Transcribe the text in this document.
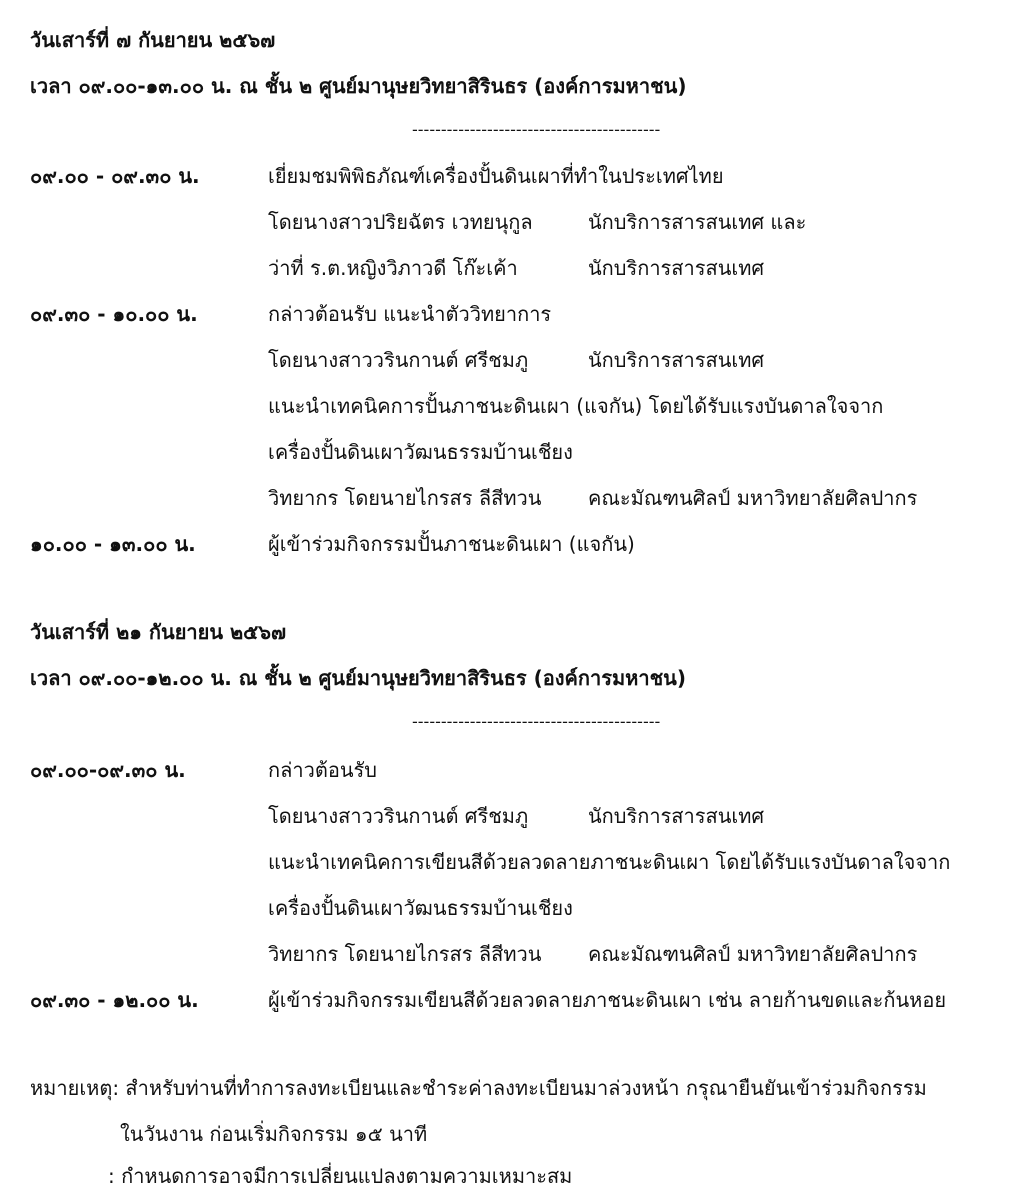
วันเสาร์ที่ ๗ กันยายน ๒๕๖๗
เวลา ๐๙.๐๐-๑๓.๐๐ น. ณ ชั้น ๒ ศูนย์มานุษยวิทยาสิรินธร (องค์การมหาชน)
-------------------------------------------
๐๙.๐๐ - ๐๙.๓๐ น.	เยี่ยมชมพิพิธภัณฑ์เครื่องปั้นดินเผาที่ทำในประเทศไทย
โดยนางสาวปริยฉัตร เวทยนุกูล	นักบริการสารสนเทศ และ
ว่าที่ ร.ต.หญิงวิภาวดี โก๊ะเค้า	นักบริการสารสนเทศ
๐๙.๓๐ - ๑๐.๐๐ น.	กล่าวต้อนรับ แนะนำตัววิทยาการ
โดยนางสาววรินกานต์ ศรีชมภู	นักบริการสารสนเทศ
แนะนำเทคนิคการปั้นภาชนะดินเผา (แจกัน) โดยได้รับแรงบันดาลใจจาก
เครื่องปั้นดินเผาวัฒนธรรมบ้านเชียง
วิทยากร โดยนายไกรสร ลีสีทวน คณะมัณฑนศิลป์ มหาวิทยาลัยศิลปากร
๑๐.๐๐ - ๑๓.๐๐ น.	ผู้เข้าร่วมกิจกรรมปั้นภาชนะดินเผา (แจกัน)
วันเสาร์ที่ ๒๑ กันยายน ๒๕๖๗
เวลา ๐๙.๐๐-๑๒.๐๐ น. ณ ชั้น ๒ ศูนย์มานุษยวิทยาสิรินธร (องค์การมหาชน)
-------------------------------------------
๐๙.๐๐-๐๙.๓๐ น.	กล่าวต้อนรับ
โดยนางสาววรินกานต์ ศรีชมภู	นักบริการสารสนเทศ
แนะนำเทคนิคการเขียนสีด้วยลวดลายภาชนะดินเผา โดยได้รับแรงบันดาลใจจาก
เครื่องปั้นดินเผาวัฒนธรรมบ้านเชียง
วิทยากร โดยนายไกรสร ลีสีทวน คณะมัณฑนศิลป์ มหาวิทยาลัยศิลปากร
๐๙.๓๐ - ๑๒.๐๐ น.	ผู้เข้าร่วมกิจกรรมเขียนสีด้วยลวดลายภาชนะดินเผา เช่น ลายก้านขดและก้นหอย
หมายเหตุ: สำหรับท่านที่ทำการลงทะเบียนและชำระค่าลงทะเบียนมาล่วงหน้า กรุณายืนยันเข้าร่วมกิจกรรม
ในวันงาน ก่อนเริ่มกิจกรรม ๑๕ นาที
: กำหนดการอาจมีการเปลี่ยนแปลงตามความเหมาะสม
